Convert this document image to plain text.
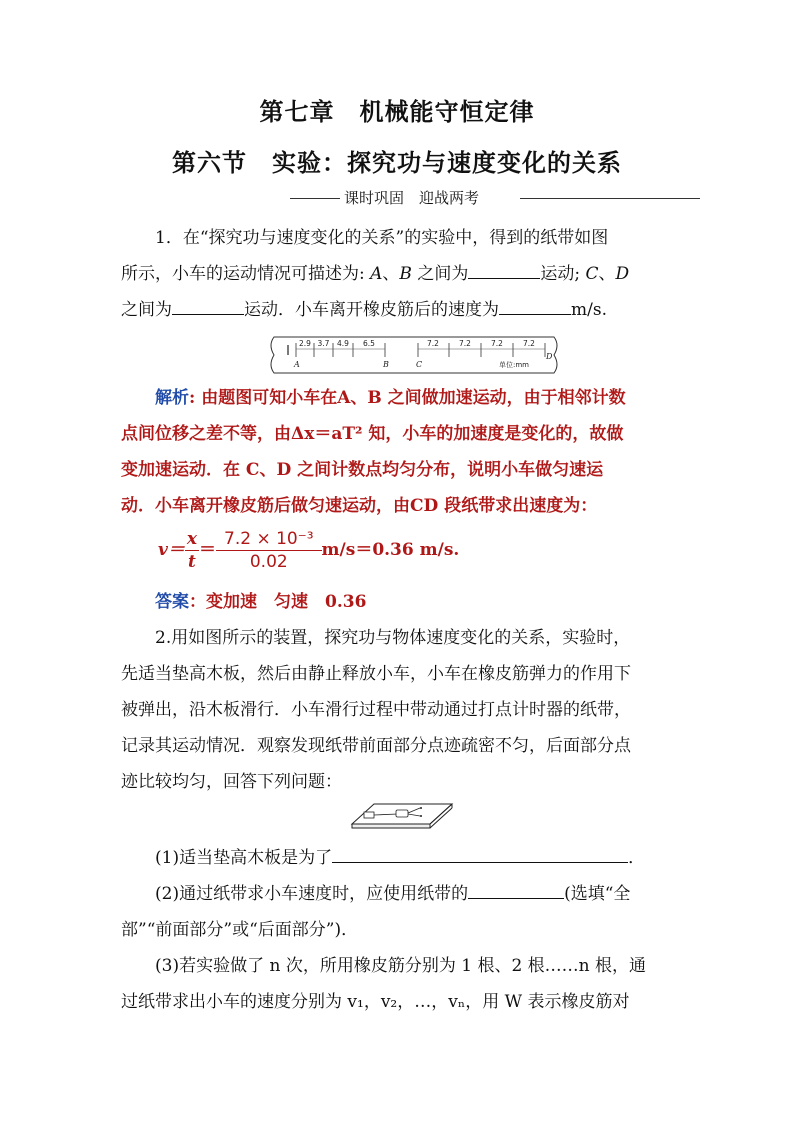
第七章　机械能守恒定律
第六节　实验：探究功与速度变化的关系
课时巩固　迎战两考
1．在“探究功与速度变化的关系”的实验中，得到的纸带如图
所示，小车的运动情况可描述为: A、B 之间为	运动; C、D
之间为	运动．小车离开橡皮筋后的速度为	m/s.
2.9 3.7 4.9 6.5	7.2	7.2	7.2
7.2
A	B	C
D
单位:mm
解析: 由题图可知小车在A、B 之间做加速运动，由于相邻计数
点间位移之差不等，由Δx＝aT² 知，小车的加速度是变化的，故做
变加速运动．在 C、D 之间计数点均匀分布，说明小车做匀速运
动．小车离开橡皮筋后做匀速运动，由CD 段纸带求出速度为：
$v= \frac{x}{t} = \frac{\text{7.2 × 10⁻³}}{0.02} m/s=0.36$ m/s.
答案：变加速　匀速　0.36
2.用如图所示的装置，探究功与物体速度变化的关系，实验时，
先适当垫高木板，然后由静止释放小车，小车在橡皮筋弹力的作用下
被弹出，沿木板滑行．小车滑行过程中带动通过打点计时器的纸带，
记录其运动情况．观察发现纸带前面部分点迹疏密不匀，后面部分点
迹比较均匀，回答下列问题：
(1)适当垫高木板是为了	．
(2)通过纸带求小车速度时，应使用纸带的	(选填“全
部”“前面部分”或“后面部分”)．
(3)若实验做了 n 次，所用橡皮筋分别为 1 根、2 根……n 根，通
过纸带求出小车的速度分别为 v₁，v₂，…，vₙ，用 W 表示橡皮筋对
